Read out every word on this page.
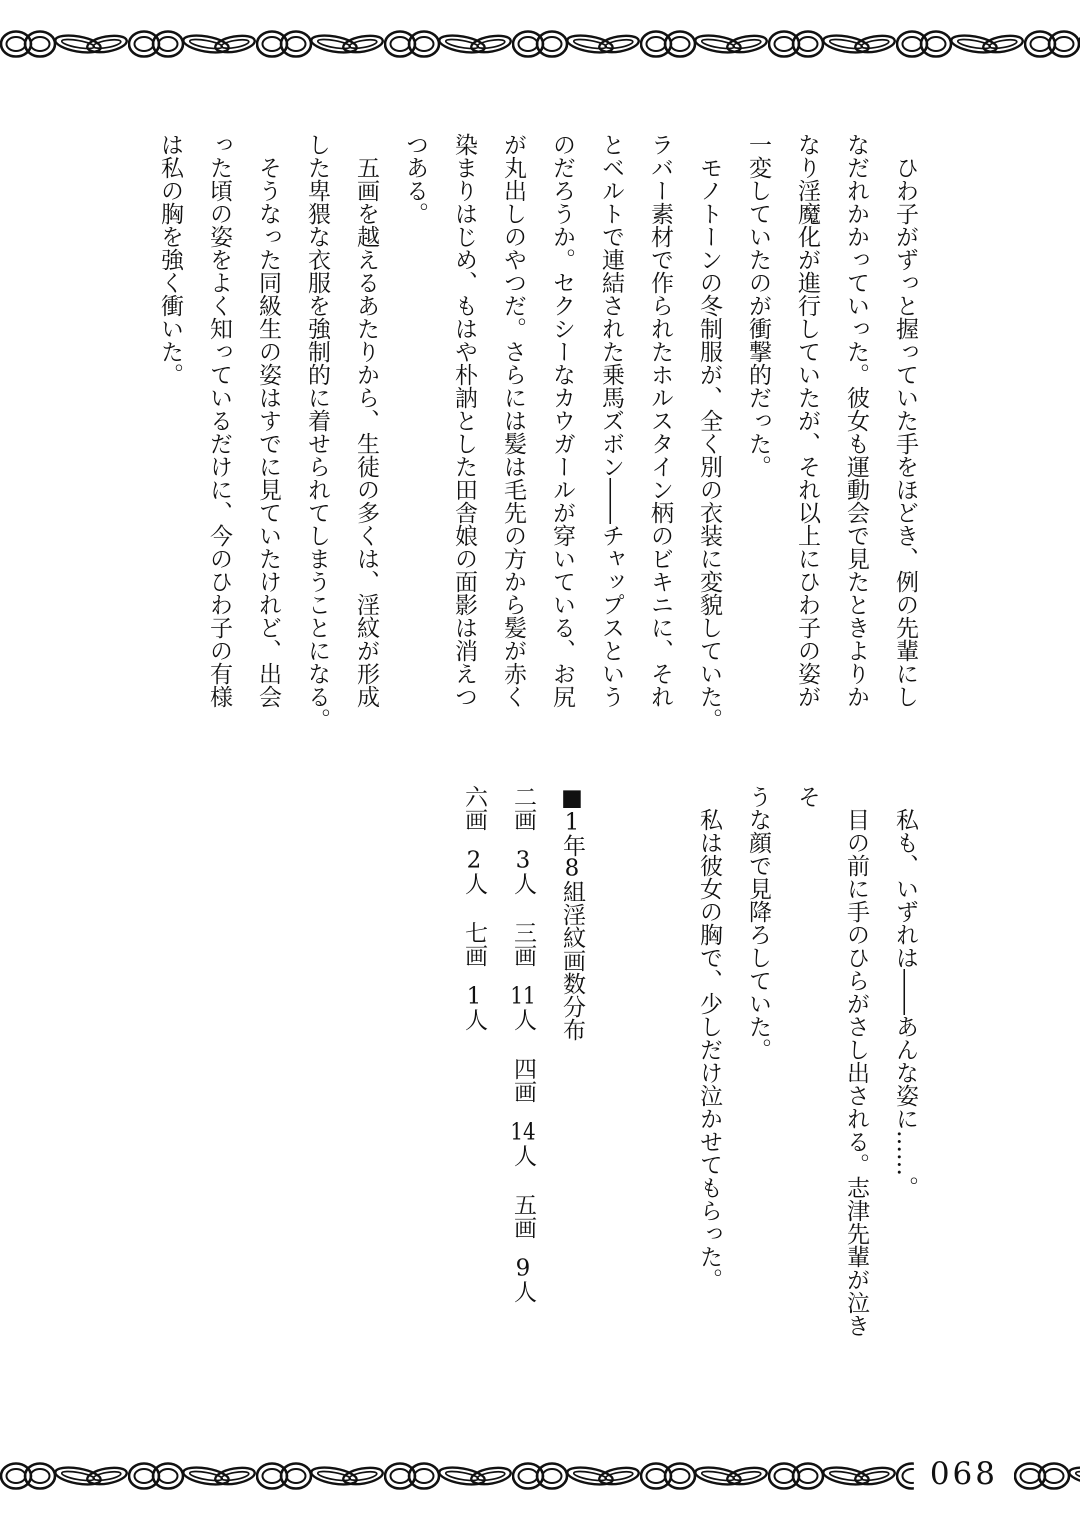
　ひわ子がずっと握っていた手をほどき、例の先輩にし
なだれかかっていった。彼女も運動会で見たときよりか
なり淫魔化が進行していたが、それ以上にひわ子の姿が
一変していたのが衝撃的だった。
　モノトーンの冬制服が、全く別の衣装に変貌していた。
ラバー素材で作られたホルスタイン柄のビキニに、それ
とベルトで連結された乗馬ズボン――チャップスという
のだろうか。セクシーなカウガールが穿いている、お尻
が丸出しのやつだ。さらには髪は毛先の方から髪が赤く
染まりはじめ、もはや朴訥とした田舎娘の面影は消えつ
つある。
　五画を越えるあたりから、生徒の多くは、淫紋が形成
した卑猥な衣服を強制的に着せられてしまうことになる。
　そうなった同級生の姿はすでに見ていたけれど、出会
った頃の姿をよく知っているだけに、今のひわ子の有様
は私の胸を強く衝いた。
　私も、いずれは――あんな姿に……。
　目の前に手のひらがさし出される。志津先輩が泣きそ
うな顔で見降ろしていた。
　私は彼女の胸で、少しだけ泣かせてもらった。
■1年8組淫紋画数分布
二画3人三画11人四画14人五画9人
六画2人七画1人
068
